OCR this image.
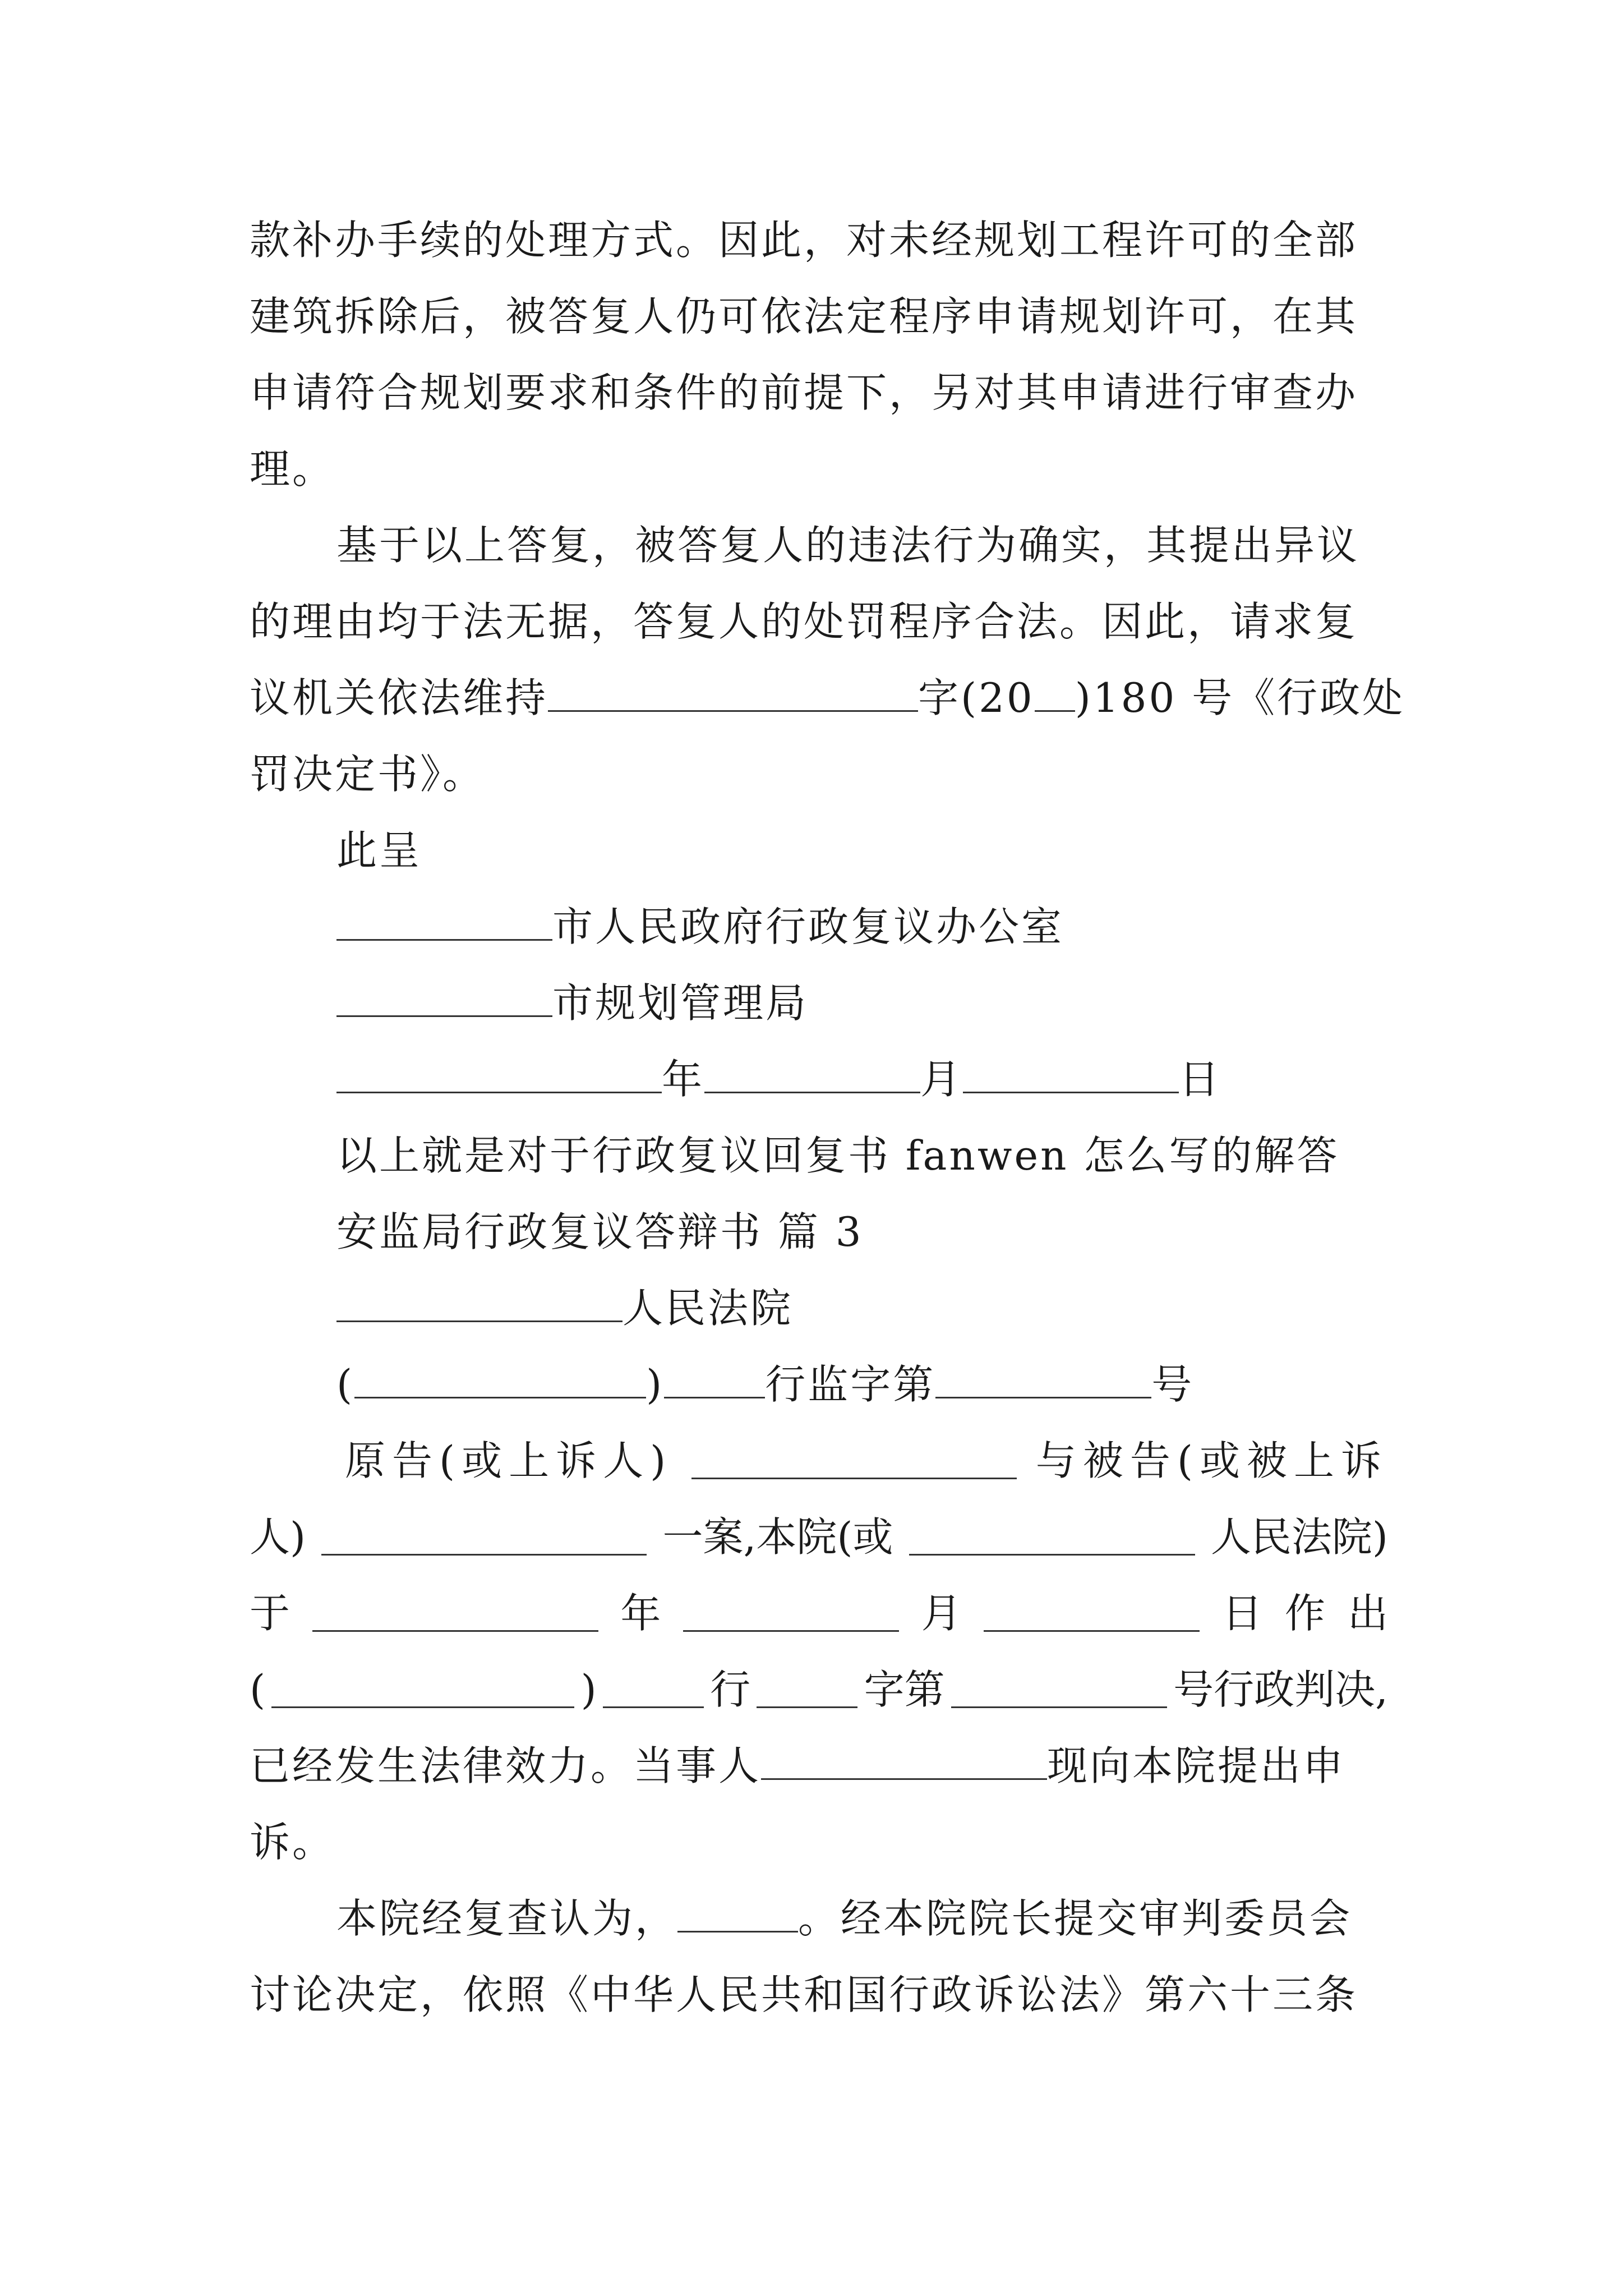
款补办手续的处理方式。因此，对未经规划工程许可的全部
建筑拆除后，被答复人仍可依法定程序申请规划许可，在其
申请符合规划要求和条件的前提下，另对其申请进行审查办
理。
基于以上答复，被答复人的违法行为确实，其提出异议
的理由均于法无据，答复人的处罚程序合法。因此，请求复
议机关依法维持	字(20 )180 号《行政处
罚决定书》。
此呈
市人民政府行政复议办公室
市规划管理局
年	月	日
以上就是对于行政复议回复书 fanwen 怎么写的解答
安监局行政复议答辩书 篇 3
人民法院
(	)	行监字第	号
原告(或上诉人)	与被告(或被上诉
人)	一案,本院(或	人民法院)
于	年	月	日作出
(	)	行	字第	号行政判决,
已经发生法律效力。当事人	现向本院提出申
诉。
本院经复查认为，	。经本院院长提交审判委员会
讨论决定，依照《中华人民共和国行政诉讼法》第六十三条
